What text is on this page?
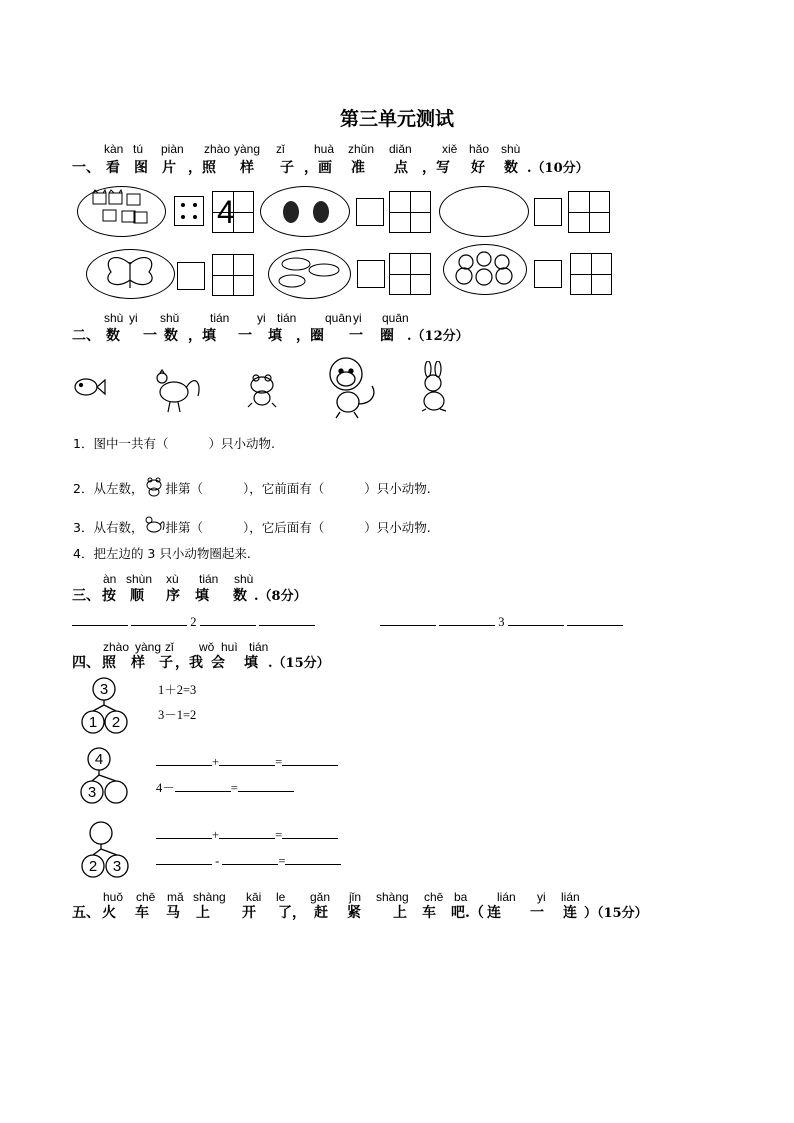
第三单元测试
kàn tú piàn zhào yàng zǐ huà zhǔn diǎn	xiě hǎo shù
一、 看 图 片 ，照 样 子 ，画 准 点 ，写 好 数 .（10分）
4
shù yi shǔ	tián yi tián quān yi quān
二、 数 一 数 ，填 一 填 ，圈 一 圈 .（12分）
1．图中一共有（	）只小动物.
2．从左数， 排第（	），它前面有（	）只小动物.
3．从右数， 排第（	），它后面有（	）只小动物.
4．把左边的 3 只小动物圈起来.
àn shùn xù tián shù
三、 按 顺 序 填 数 .（8分）
2	3
zhào yàng zǐ wǒ huì tián
四、 照 样 子 ，我 会 填 .（15分）
3
1 2
1＋2=3
3－1=2
4
3
+	=
4－	=
2 3
+	=
-	=
huǒ chē mǎ shàng kāi le gǎn jǐn shàng chē ba lián yi lián
五、 火 车 马 上 开 了， 赶 紧 上 车 吧 .（ 连 一 连 ）（15分）
